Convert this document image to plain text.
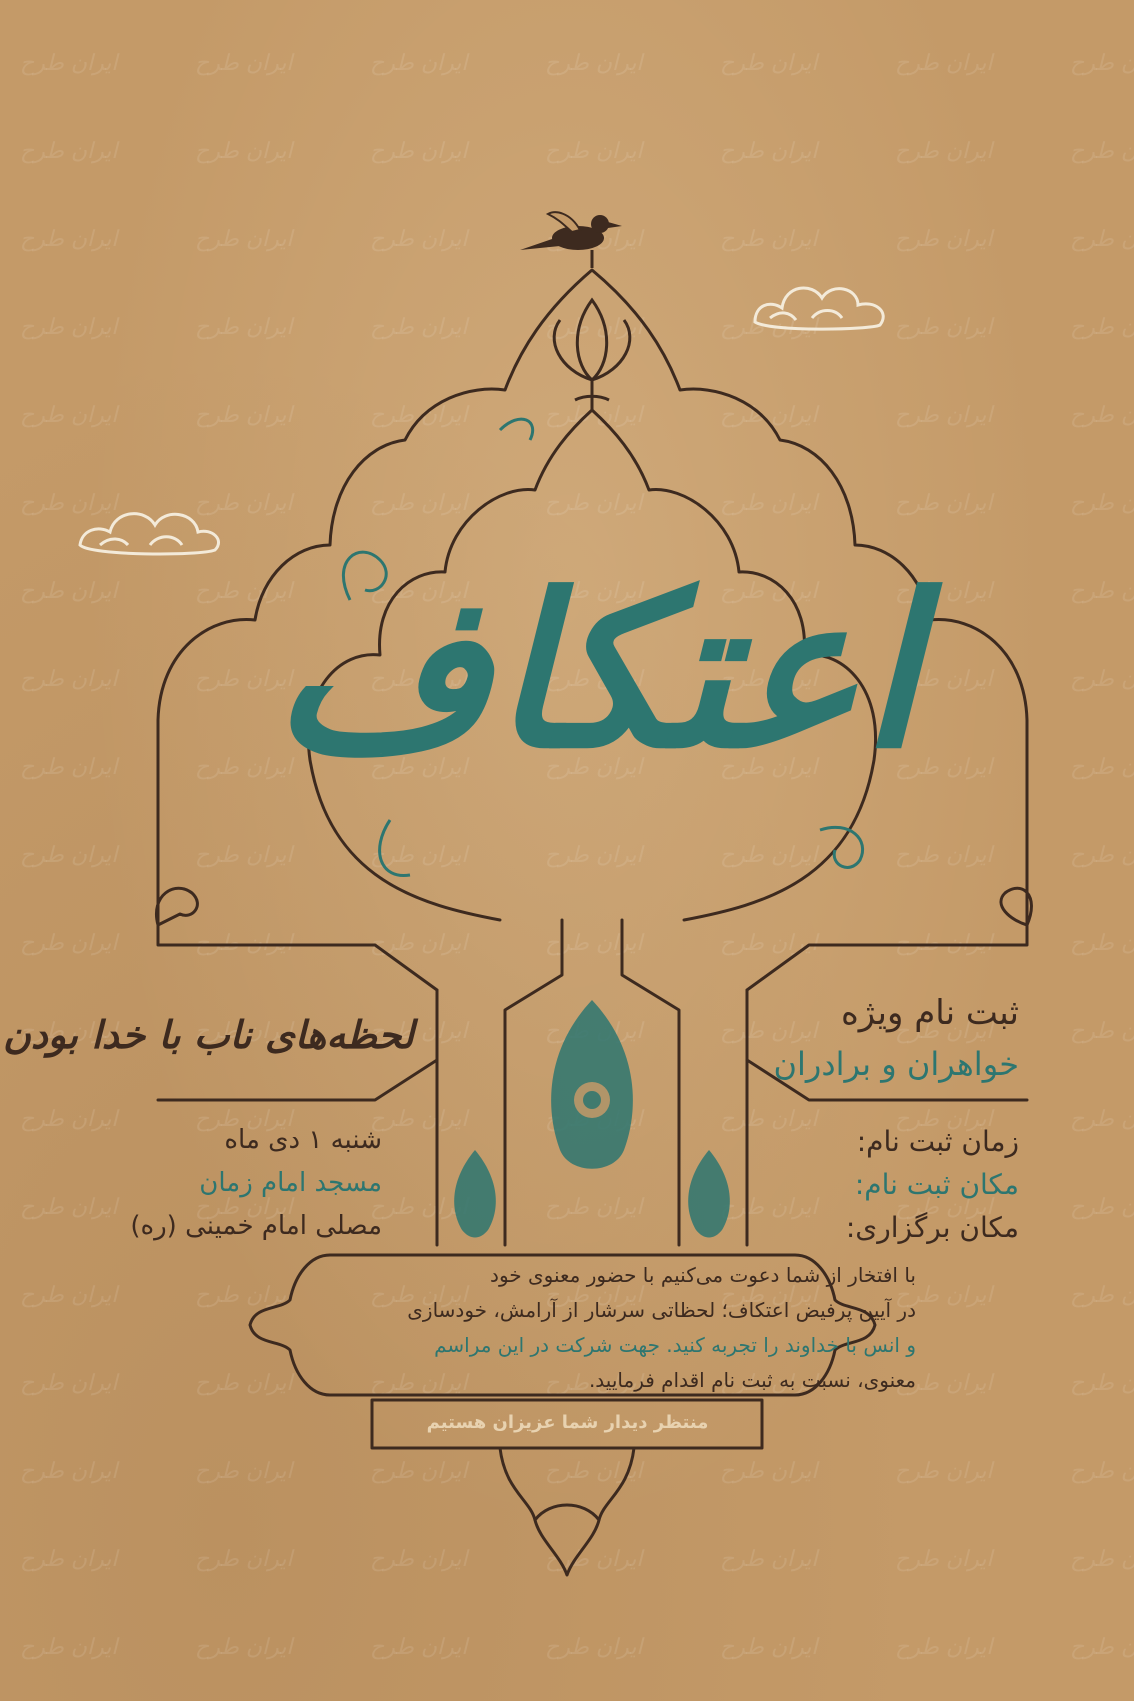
اعتکاف
لحظه‌های ناب با خدا بودن	ثبت نام ویژه
خواهران و برادران
زمان ثبت نام:
مکان ثبت نام:
مکان برگزاری:
شنبه ۱ دی ماه
مسجد امام زمان
مصلی امام خمینی (ره)
با افتخار از شما دعوت می‌کنیم با حضور معنوی خود
در آیین پرفیض اعتکاف؛ لحظاتی سرشار از آرامش، خودسازی
و انس با خداوند را تجربه کنید. جهت شرکت در این مراسم
معنوی، نسبت به ثبت نام اقدام فرمایید.
منتظر دیدار شما عزیزان هستیم
